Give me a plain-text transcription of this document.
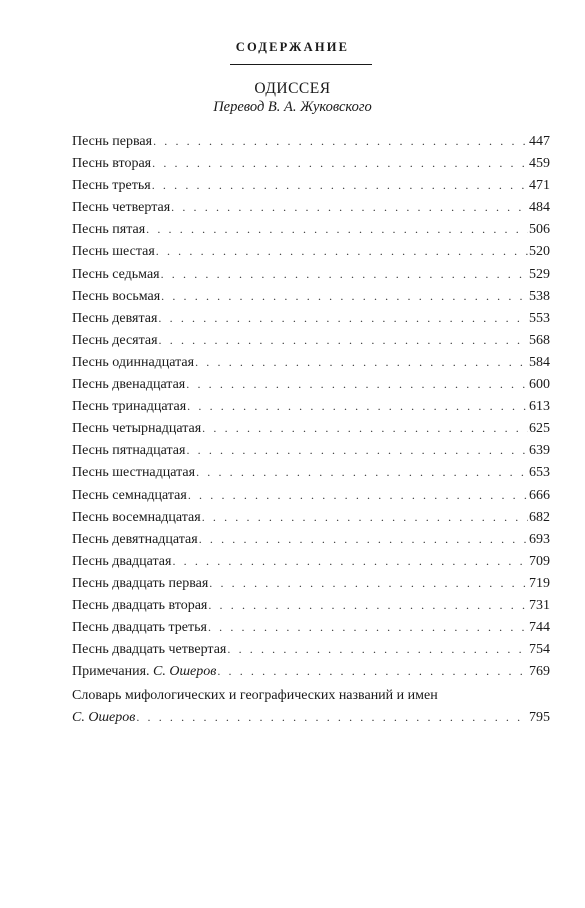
СОДЕРЖАНИЕ
ОДИССЕЯ
Перевод В. А. Жуковского
Песнь первая . . .	447
Песнь вторая . . .	459
Песнь третья . . .	471
Песнь четвертая . . .	484
Песнь пятая . . .	506
Песнь шестая . . .	520
Песнь седьмая . . .	529
Песнь восьмая . . .	538
Песнь девятая . . .	553
Песнь десятая . . .	568
Песнь одиннадцатая . . .	584
Песнь двенадцатая . . .	600
Песнь тринадцатая . . .	613
Песнь четырнадцатая . . .	625
Песнь пятнадцатая . . .	639
Песнь шестнадцатая . . .	653
Песнь семнадцатая . . .	666
Песнь восемнадцатая . . .	682
Песнь девятнадцатая . . .	693
Песнь двадцатая . . .	709
Песнь двадцать первая . . .	719
Песнь двадцать вторая . . .	731
Песнь двадцать третья . . .	744
Песнь двадцать четвертая . . .	754
Примечания. С. Ошеров . . .	769
Словарь мифологических и географических названий и имен
С. Ошеров . . .	795
